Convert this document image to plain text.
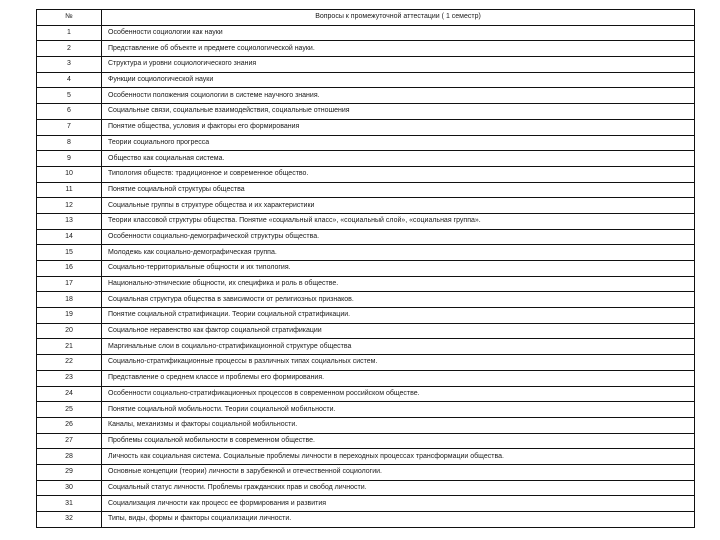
№	Вопросы к промежуточной аттестации ( 1 семестр)
1	Особенности социологии как науки
2	Представление об объекте и предмете социологической науки.
3	Структура и уровни социологического знания
4	Функции социологической науки
5	Особенности положения социологии в системе научного знания.
6	Социальные связи, социальные взаимодействия, социальные отношения
7	Понятие общества, условия и факторы его формирования
8	Теории социального прогресса
9	Общество как социальная система.
10	Типология обществ: традиционное и современное общество.
11	Понятие социальной структуры общества
12	Социальные группы в структуре общества и их характеристики
13	Теории классовой структуры общества. Понятие «социальный класс», «социальный слой», «социальная группа».
14	Особенности социально-демографической структуры общества.
15	Молодежь как социально-демографическая группа.
16	Социально-территориальные общности и их типология.
17	Национально-этнические общности, их специфика и роль в обществе.
18	Социальная структура общества в зависимости от религиозных признаков.
19	Понятие социальной стратификации. Теории социальной стратификации.
20	Социальное неравенство как фактор социальной стратификации
21	Маргинальные слои в социально-стратификационной структуре общества
22	Социально-стратификационные процессы в различных типах социальных систем.
23	Представление о среднем классе и проблемы его формирования.
24	Особенности социально-стратификационных процессов в современном российском обществе.
25	Понятие социальной мобильности. Теории социальной мобильности.
26	Каналы, механизмы и факторы социальной мобильности.
27	Проблемы социальной мобильности в современном обществе.
28	Личность как социальная система. Социальные проблемы личности в переходных процессах трансформации общества.
29	Основные концепции (теории) личности в зарубежной и отечественной социологии.
30	Социальный статус личности. Проблемы гражданских прав и свобод личности.
31	Социализация личности как процесс ее формирования и развития
32	Типы, виды, формы и факторы социализации личности.
